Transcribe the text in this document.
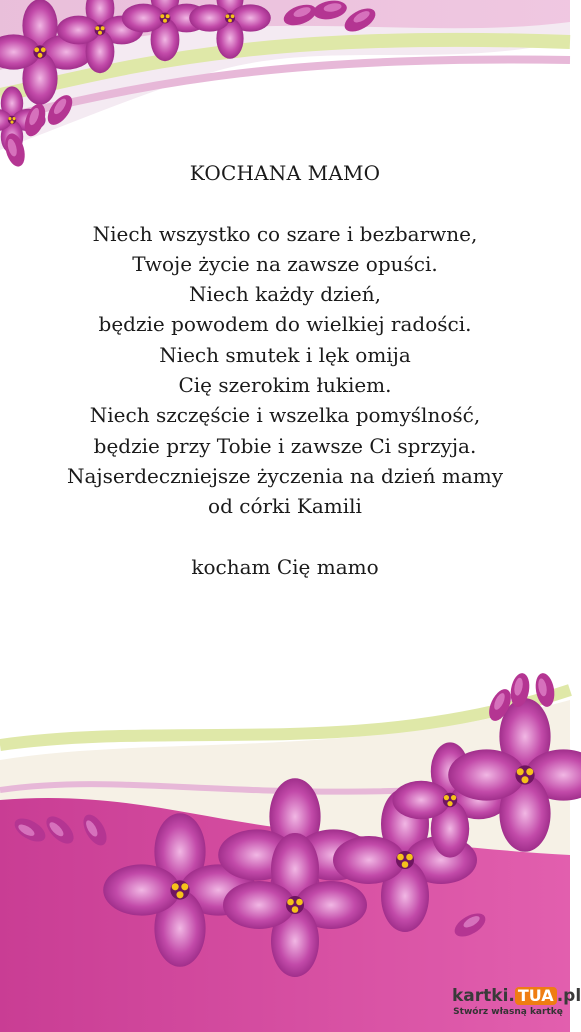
KOCHANA MAMO
Niech wszystko co szare i bezbarwne,
Twoje życie na zawsze opuści.
Niech każdy dzień,
będzie powodem do wielkiej radości.
Niech smutek i lęk omija
Cię szerokim łukiem.
Niech szczęście i wszelka pomyślność,
będzie przy Tobie i zawsze Ci sprzyja.
Najserdeczniejsze życzenia na dzień mamy
od córki Kamili
kocham Cię mamo
kartki. TUA .pl
Stwórz własną kartkę
